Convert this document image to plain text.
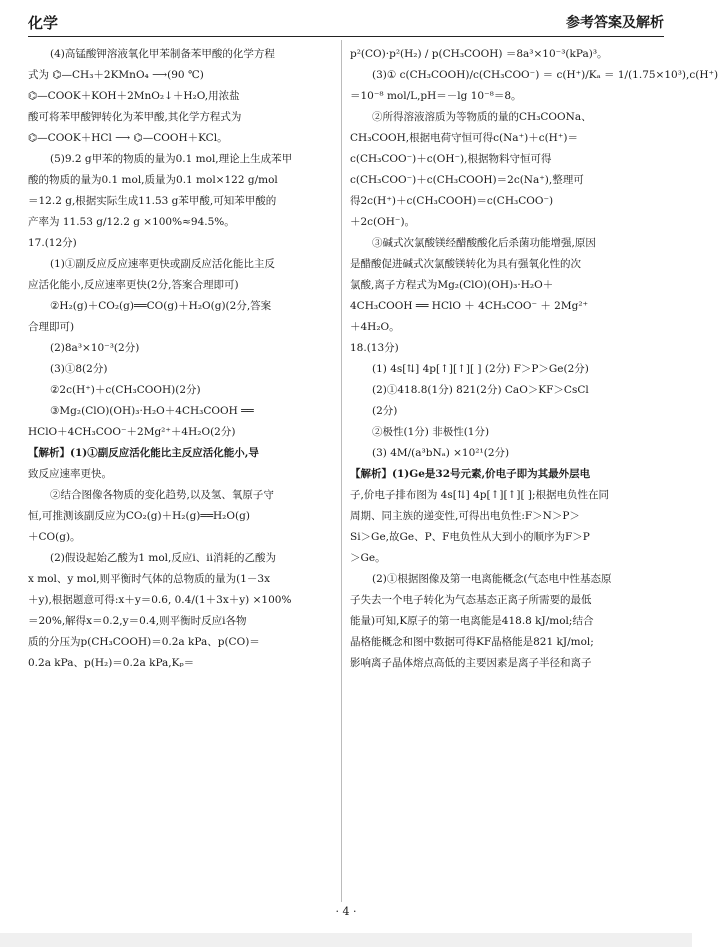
化学	参考答案及解析
(4)高锰酸钾溶液氧化甲苯制备苯甲酸的化学方程
式为 ⌬—CH₃＋2KMnO₄ ⟶(90 ℃)
⌬—COOK＋KOH＋2MnO₂↓＋H₂O,用浓盐
酸可将苯甲酸钾转化为苯甲酸,其化学方程式为
⌬—COOK＋HCl ⟶ ⌬—COOH＋KCl。
(5)9.2 g甲苯的物质的量为0.1 mol,理论上生成苯甲
酸的物质的量为0.1 mol,质量为0.1 mol×122 g/mol
＝12.2 g,根据实际生成11.53 g苯甲酸,可知苯甲酸的
产率为 11.53 g/12.2 g ×100%≈94.5%。
17.(12分)
(1)①副反应反应速率更快或副反应活化能比主反
应活化能小,反应速率更快(2分,答案合理即可)
②H₂(g)＋CO₂(g)══CO(g)＋H₂O(g)(2分,答案
合理即可)
(2)8a³×10⁻³(2分)
(3)①8(2分)
②2c(H⁺)＋c(CH₃COOH)(2分)
③Mg₂(ClO)(OH)₃·H₂O＋4CH₃COOH ══
HClO＋4CH₃COO⁻＋2Mg²⁺＋4H₂O(2分)
【解析】(1)①副反应活化能比主反应活化能小,导
致反应速率更快。
②结合图像各物质的变化趋势,以及氢、氧原子守
恒,可推测该副反应为CO₂(g)＋H₂(g)══H₂O(g)
＋CO(g)。
(2)假设起始乙酸为1 mol,反应ⅰ、ⅱ消耗的乙酸为
x mol、y mol,则平衡时气体的总物质的量为(1－3x
＋y),根据题意可得:x＋y＝0.6, 0.4/(1＋3x＋y) ×100%
＝20%,解得x＝0.2,y＝0.4,则平衡时反应ⅰ各物
质的分压为p(CH₃COOH)＝0.2a kPa、p(CO)＝
0.2a kPa、p(H₂)＝0.2a kPa,Kₚ＝
p²(CO)·p²(H₂) / p(CH₃COOH) ＝8a³×10⁻³(kPa)³。
(3)① c(CH₃COOH)/c(CH₃COO⁻) ＝ c(H⁺)/Kₐ ＝ 1/(1.75×10³),c(H⁺)
＝10⁻⁸ mol/L,pH＝－lg 10⁻⁸＝8。
②所得溶液溶质为等物质的量的CH₃COONa、
CH₃COOH,根据电荷守恒可得c(Na⁺)＋c(H⁺)＝
c(CH₃COO⁻)＋c(OH⁻),根据物料守恒可得
c(CH₃COO⁻)＋c(CH₃COOH)＝2c(Na⁺),整理可
得2c(H⁺)＋c(CH₃COOH)＝c(CH₃COO⁻)
＋2c(OH⁻)。
③碱式次氯酸镁经醋酸酸化后杀菌功能增强,原因
是醋酸促进碱式次氯酸镁转化为具有强氧化性的次
氯酸,离子方程式为Mg₂(ClO)(OH)₃·H₂O＋
4CH₃COOH ══ HClO ＋ 4CH₃COO⁻ ＋ 2Mg²⁺
＋4H₂O。
18.(13分)
(1) 4s[⇅] 4p[↑][↑][ ] (2分) F＞P＞Ge(2分)
(2)①418.8(1分) 821(2分) CaO＞KF＞CsCl
(2分)
②极性(1分) 非极性(1分)
(3) 4M/(a³bNₐ) ×10²¹(2分)
【解析】(1)Ge是32号元素,价电子即为其最外层电
子,价电子排布图为 4s[⇅] 4p[↑][↑][ ];根据电负性在同
周期、同主族的递变性,可得出电负性:F＞N＞P＞
Si＞Ge,故Ge、P、F电负性从大到小的顺序为F＞P
＞Ge。
(2)①根据图像及第一电离能概念(气态电中性基态原
子失去一个电子转化为气态基态正离子所需要的最低
能量)可知,K原子的第一电离能是418.8 kJ/mol;结合
晶格能概念和图中数据可得KF晶格能是821 kJ/mol;
影响离子晶体熔点高低的主要因素是离子半径和离子
· 4 ·
